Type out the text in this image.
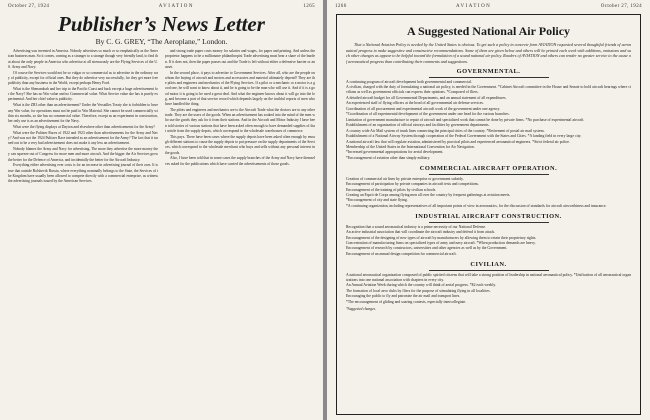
October 27, 1924	AVIATION	1265
Publisher’s News Letter
By C. G. GREY, “The Aeroplane,” London.

Advertising was invented in America. Nobody advertises so much or so emphatically as the American business man. So it comes, coming as a stranger to a strange though very friendly land, to find that about the only people in America who advertise at all strenuously are the Flying Services of the U. S. Army and Navy.

Of course the Services would not be so vulgar or so commercial as to advertise in the ordinary way of publicity, except for official ones. But they do advertise very successfully, for they get more free publicity than any business in the World, except perhaps Henry Ford.

What is the Shenandoah and her trip to the Pacific Coast and back except a huge advertisement for the Navy? She has no War value and no Commercial value. What Service value she has is purely experimental. And her chief value is publicity.

What is the ZR3 other than an advertisement? Under the Versailles Treaty she is forbidden to have any War value, for operations must not be paid to War Material. She cannot be used commercially within six months, so she has no commercial value. Therefore, except as an experiment in construction, her only use is as an advertisement for the Navy.

What were the flying displays at Dayton and elsewhere other than advertisements for the Army?

What were the Pulitzer Races of 1922 and 1923 other than advertisements for the Army and Navy? And was not the 1924 Pulitzer Race intended as an advertisement for the Army? The fact that it turned out to be a very bad advertisement does not make it any less an advertisement.

Nobody blames the Army and Navy for advertising. The more they advertise the more money they can squeeze out of Congress for more men and more aircraft. And the bigger the Air Services grow the better for the Defence of America, and incidentally the better for the Aircraft Industry.

Everything either advertising ever costs is for an increase in advertising journal of their own. It is true that outside Bolshevik Russia, where everything nominally belongs to the State, the Services of the Kingdom have usually been allowed to compete directly with a commercial enterprise, as witness the advertising journals issued by the American Services.

and strong trade paper costs money for salaries and wages, for paper and printing. And unless the proprietor happens to be a millionaire philanthropist Trade advertising must bear a share of the burden. If it does not, then the paper passes out and the Trade is left without either a defensive barrier or an asset.

In the second place, it pays to advertise to Government Services. After all, who are the people on whom the buying of aircraft and motors and accessories and material ultimately depend? They are the pilots and engineers and mechanics of the Flying Services. If a pilot or a mechanic or a motor is a good one, he will want to know about it, and he is going to be the man who will use it. And if it is a good motor it is going to be used a great deal. And what the engineer knows about it will go into the log, and become a part of that service record which depends largely on the truthful reports of men who have handled the thing.

The pilots and engineers and mechanics are to the Aircraft Trade what the doctors are to any other trade. They are the users of the goods. When an advertisement has soaked into the mind of the men who use the goods they ask for it from their stations. And in the Aircraft and Motor Industry I have been told stories of various stations that have been asked often enough to have demanded supplies of that article from the supply depots, which correspond to the wholesale warehouses of commerce.

This pays. There have been cases where the supply depots have been asked often enough by enough different stations to cause the supply depots to put pressure on the supply departments of the Services, which correspond to the wholesale merchant who buys and sells without any personal interest in the goods.

Also, I have been told that in some cases the supply branches of the Army and Navy have themselves asked for the publications which have carried the advertisements of those goods.

1266	AVIATION	October 27, 1924
A Suggested National Air Policy
That a National Aviation Policy is needed by the United States is obvious. To get such a policy in concrete form AVIATION requested several thoughtful friends of aeronautical progress to make suggestive and constructive recommendations. Some of them are given below and others will be printed each week with additions, omissions and such other changes as appear to be helpful toward the formulation of a sound national air policy. Readers of AVIATION and others can render no greater service to the cause of aeronautical progress than contributing their comments and suggestions.
GOVERNMENTAL.
A continuing program of aircraft development both governmental and commercial.
A civilian, charged with the duty of formulating a national air policy, is needed in the Government. *Cabinet Aircraft committee in the House and Senate to hold aircraft hearings where civilians as well as government officials can express their opinions. *Composed of fliers.
A detailed aircraft budget for all Governmental Departments, and an annual statement of all expenditures.
An experienced staff of flying officers at the head of all governmental air defense services.
Coordination of all procurement and experimental aircraft work of the government under one agency.
*Coordination of all experimental development of the government under one head for the various branches.
Limitation of government manufacture to repair of aircraft and specialized work that cannot be done by private firms. *No purchase of experimental aircraft.
Establishment of an organization of official airways and facilities by government departments.
A country wide Air Mail system of trunk lines connecting the principal cities of the country. *Retirement of postal air mail system.
Establishment of a National Airway System through cooperation of the Federal Government with the States and Cities. *A landing field in every large city.
A national aircraft law that will regulate aviation, administered by practical pilots and experienced aeronautical engineers. *Strict federal air police.
Membership of the United States in the International Convention for Air Navigation.
*Increased governmental appropriations for aerial development.
*Encouragement of aviation other than simply military.
COMMERCIAL AIRCRAFT OPERATION.
Creation of commercial air lines by private enterprise or government subsidy.
Encouragement of participation by private companies in aircraft tests and competitions.
Encouragement of the training of pilots by civilian schools.
Creating an Esprit de Corps among flying men all over the country by frequent gatherings at aviation meets.
*Encouragement of city and state flying.
*A continuing organization, including representatives of all important points of view in aeronautics, for the discussion of standards for aircraft airworthiness and insurance.
INDUSTRIAL AIRCRAFT CONSTRUCTION.
Recognition that a sound aeronautical industry is a prime necessity of our National Defense.
An active industrial association that will coordinate the aircraft industry and defend it from attack.
Encouragement of the designing of new types of aircraft by manufacturers by allowing them to retain their proprietary rights.
Concentration of manufacturing firms on specialized types of army and navy aircraft. *When production demands are heavy.
Encouragement of research by constructors, universities and other agencies as well as by the Government.
Encouragement of an annual design competition for commercial aircraft.
CIVILIAN.
A national aeronautical organization composed of public spirited citizens that will take a strong position of leadership in national aeronautical policy. *Unification of all aeronautical organizations into one national association with chapters in every city.
An Annual Aviation Week during which the country will think of aerial progress. *$2 each weekly.
The formation of local aero clubs by fliers for the purpose of stimulating flying in all localities.
Encouraging the public to fly and patronize the air mail and transport lines.
*The encouragement of gliding and soaring contests, especially intercollegiate.
*Suggested changes.
